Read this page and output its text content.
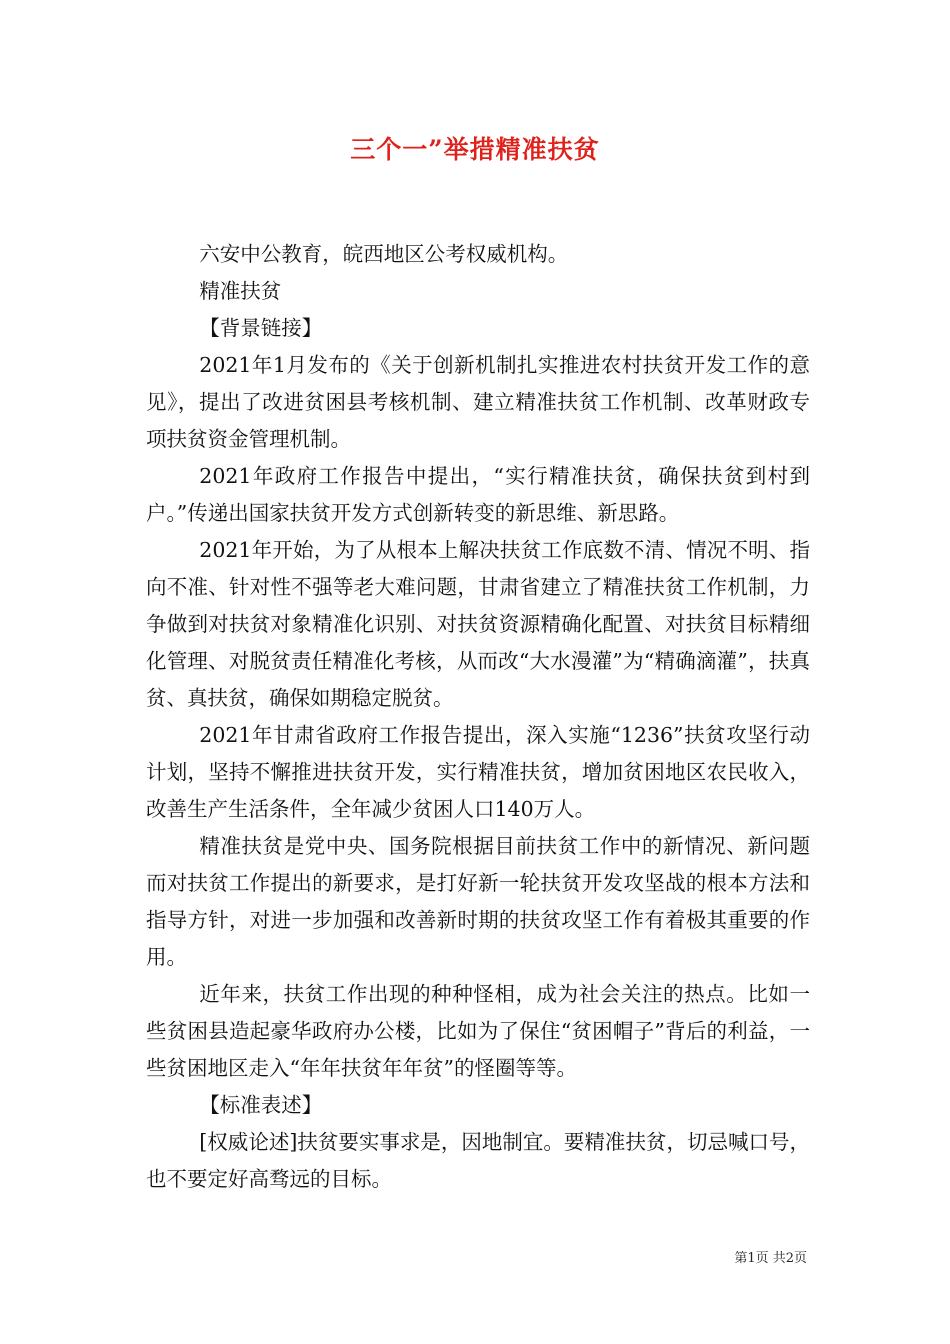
三个一”举措精准扶贫

六安中公教育，皖西地区公考权威机构。

精准扶贫

【背景链接】

2021年1月发布的《关于创新机制扎实推进农村扶贫开发工作的意见》，提出了改进贫困县考核机制、建立精准扶贫工作机制、改革财政专项扶贫资金管理机制。

2021年政府工作报告中提出，“实行精准扶贫，确保扶贫到村到户。”传递出国家扶贫开发方式创新转变的新思维、新思路。

2021年开始，为了从根本上解决扶贫工作底数不清、情况不明、指向不准、针对性不强等老大难问题，甘肃省建立了精准扶贫工作机制，力争做到对扶贫对象精准化识别、对扶贫资源精确化配置、对扶贫目标精细化管理、对脱贫责任精准化考核，从而改“大水漫灌”为“精确滴灌”，扶真贫、真扶贫，确保如期稳定脱贫。

2021年甘肃省政府工作报告提出，深入实施“1236”扶贫攻坚行动计划，坚持不懈推进扶贫开发，实行精准扶贫，增加贫困地区农民收入，改善生产生活条件，全年减少贫困人口140万人。

精准扶贫是党中央、国务院根据目前扶贫工作中的新情况、新问题而对扶贫工作提出的新要求，是打好新一轮扶贫开发攻坚战的根本方法和指导方针，对进一步加强和改善新时期的扶贫攻坚工作有着极其重要的作用。

近年来，扶贫工作出现的种种怪相，成为社会关注的热点。比如一些贫困县造起豪华政府办公楼，比如为了保住“贫困帽子”背后的利益，一些贫困地区走入“年年扶贫年年贫”的怪圈等等。

【标准表述】

[权威论述]扶贫要实事求是，因地制宜。要精准扶贫，切忌喊口号，也不要定好高骛远的目标。

第1页 共2页
